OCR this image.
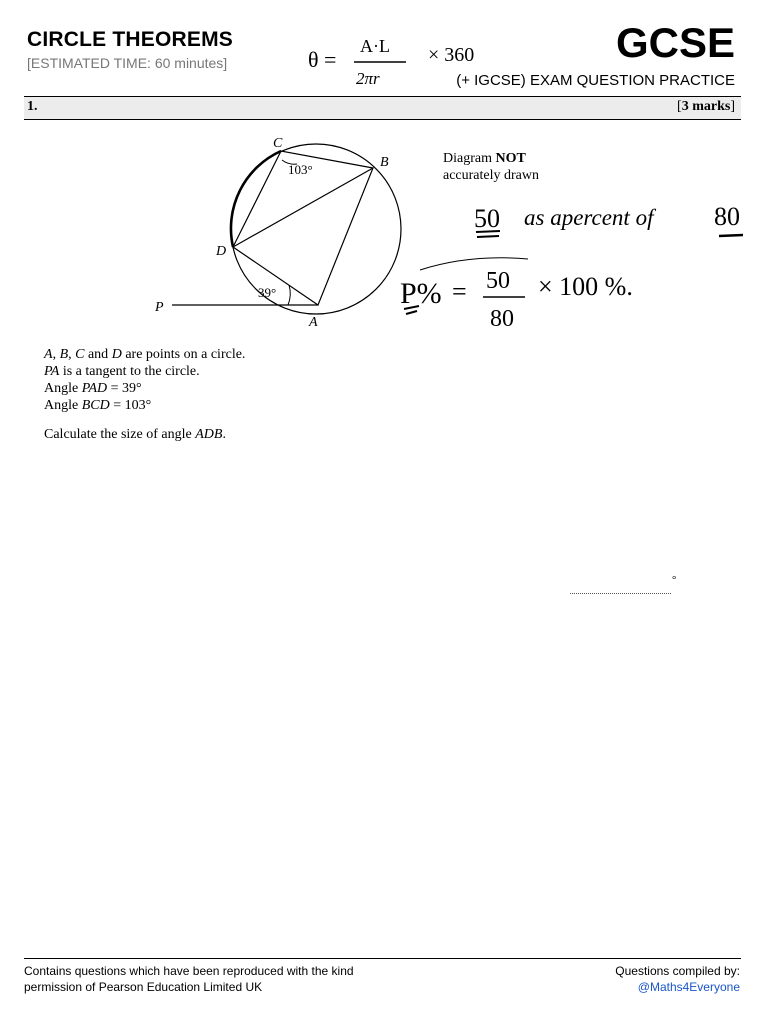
CIRCLE THEOREMS
[ESTIMATED TIME: 60 minutes]	GCSE
(+ IGCSE) EXAM QUESTION PRACTICE
1.	[3 marks]
C
B
D
P
A
103°
39°
θ =
A·L
2πr
× 360
50 as apercent of 80
P% = 50
80
× 100 %.
Diagram NOT
accurately drawn
A, B, C and D are points on a circle.
PA is a tangent to the circle.
Angle PAD = 39°
Angle BCD = 103°
Calculate the size of angle ADB.
°
Contains questions which have been reproduced with the kind
permission of Pearson Education Limited UK
Questions compiled by:
@Maths4Everyone
